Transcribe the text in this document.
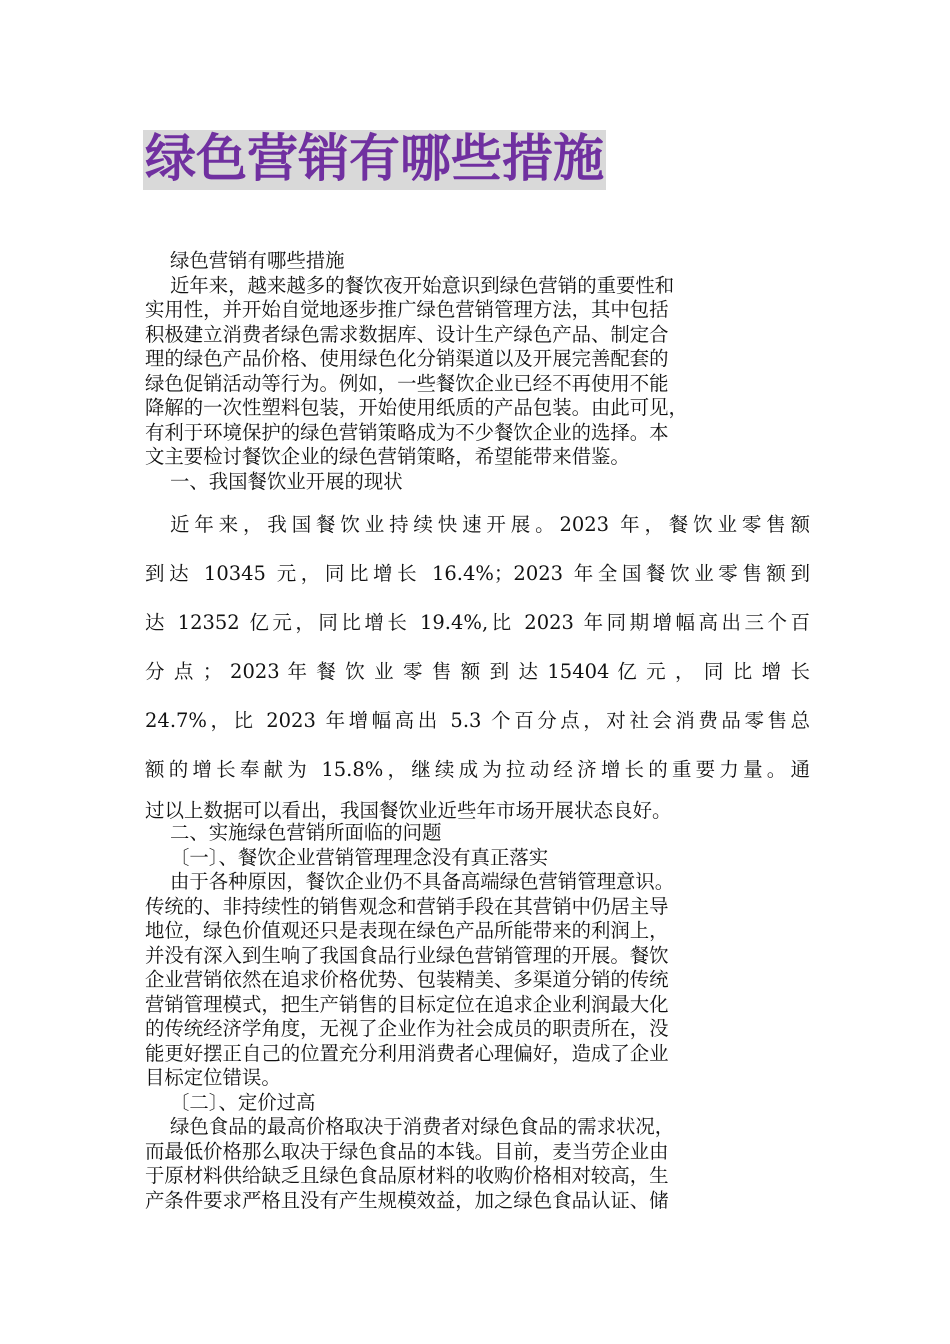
绿色营销有哪些措施
绿色营销有哪些措施
近年来，越来越多的餐饮夜开始意识到绿色营销的重要性和
实用性，并开始自觉地逐步推广绿色营销管理方法，其中包括
积极建立消费者绿色需求数据库、设计生产绿色产品、制定合
理的绿色产品价格、使用绿色化分销渠道以及开展完善配套的
绿色促销活动等行为。例如，一些餐饮企业已经不再使用不能
降解的一次性塑料包装，开始使用纸质的产品包装。由此可见，
有利于环境保护的绿色营销策略成为不少餐饮企业的选择。本
文主要检讨餐饮企业的绿色营销策略，希望能带来借鉴。
一、我国餐饮业开展的现状
近年来，我国餐饮业持续快速开展。2023 年，餐饮业零售额
到达 10345 元，同比增长 16.4%；2023 年全国餐饮业零售额到
达 12352 亿元，同比增长 19.4%,比 2023 年同期增幅高出三个百
分 点 ； 2023 年 餐 饮 业 零 售 额 到 达 15404 亿 元 ， 同 比 增 长
24.7%，比 2023 年增幅高出 5.3 个百分点，对社会消费品零售总
额的增长奉献为 15.8%，继续成为拉动经济增长的重要力量。通
过以上数据可以看出，我国餐饮业近些年市场开展状态良好。
二、实施绿色营销所面临的问题
〔一〕、餐饮企业营销管理理念没有真正落实
由于各种原因，餐饮企业仍不具备高端绿色营销管理意识。
传统的、非持续性的销售观念和营销手段在其营销中仍居主导
地位，绿色价值观还只是表现在绿色产品所能带来的利润上，
并没有深入到生响了我国食品行业绿色营销管理的开展。餐饮
企业营销依然在追求价格优势、包装精美、多渠道分销的传统
营销管理模式，把生产销售的目标定位在追求企业利润最大化
的传统经济学角度，无视了企业作为社会成员的职责所在，没
能更好摆正自己的位置充分利用消费者心理偏好，造成了企业
目标定位错误。
〔二〕、定价过高
绿色食品的最高价格取决于消费者对绿色食品的需求状况，
而最低价格那么取决于绿色食品的本钱。目前，麦当劳企业由
于原材料供给缺乏且绿色食品原材料的收购价格相对较高，生
产条件要求严格且没有产生规模效益，加之绿色食品认证、储
